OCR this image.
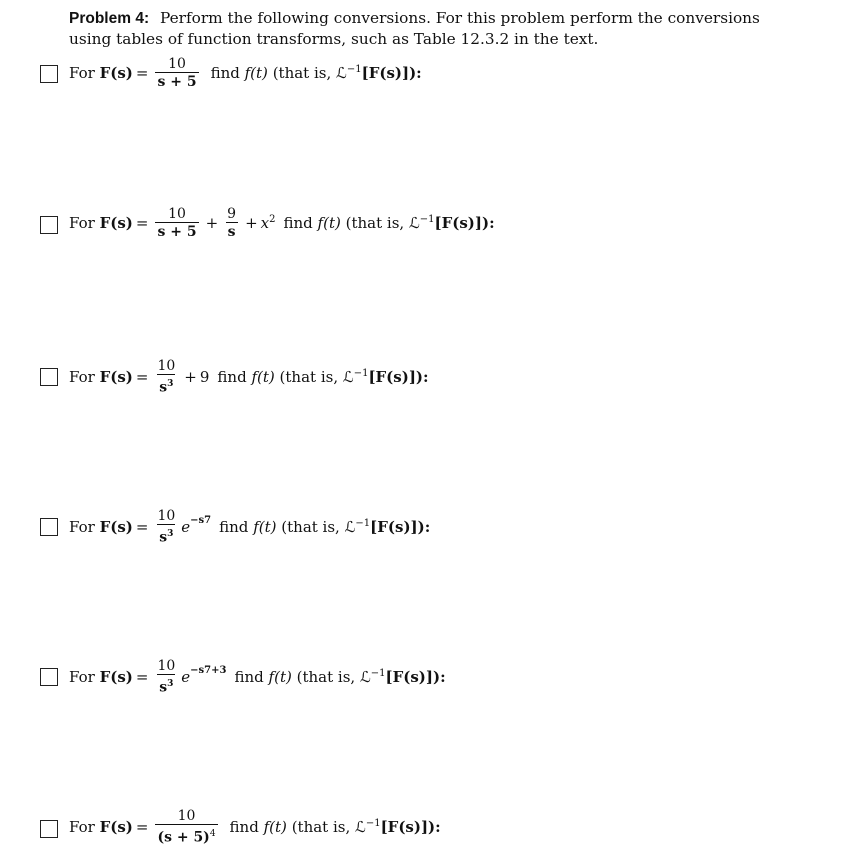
Problem 4: Perform the following conversions. For this problem perform the conversions using tables of function transforms, such as Table 12.3.2 in the text.
For
$F(s) = \frac{10}{s + 5}$ find
f(t)
(that is,
ℒ$^{-1}$ [F(s)]):
For
$F(s) = \frac{10}{s + 5} + \frac{9}{s} + x^2$ find
f(t)
(that is,
ℒ$^{-1}$ [F(s)]):
For
$F(s) = \frac{10}{s^3} + 9$ find
f(t)
(that is,
ℒ$^{-1}$ [F(s)]):
For
$F(s) = \frac{10}{s^3} e^{-s7}$ find
f(t)
(that is,
ℒ$^{-1}$ [F(s)]):
For
$F(s) = \frac{10}{s^3} e^{-s7+3}$ find
f(t)
(that is,
ℒ$^{-1}$ [F(s)]):
For
$F(s) = \frac{10}{(s + 5)^4}$ find
f(t)
(that is,
ℒ$^{-1}$ [F(s)]):
